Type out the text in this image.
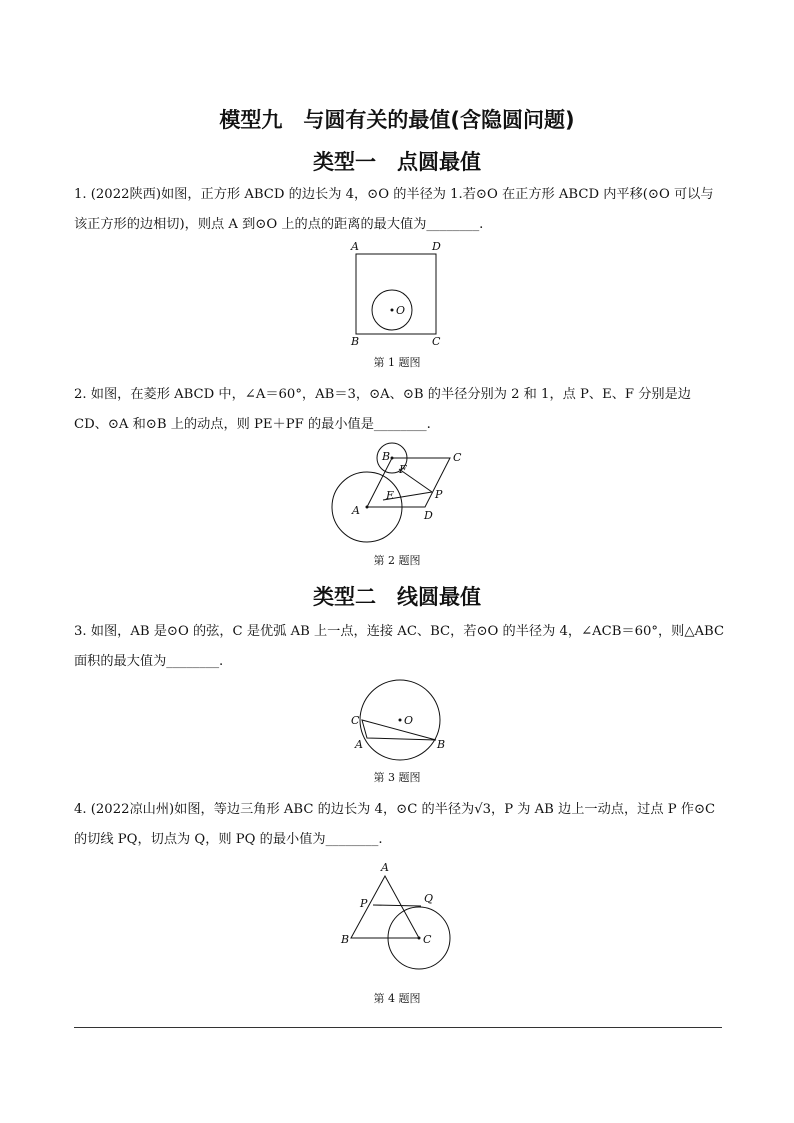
模型九　与圆有关的最值(含隐圆问题)
类型一　点圆最值
1. (2022陕西)如图，正方形 ABCD 的边长为 4，⊙O 的半径为 1.若⊙O 在正方形 ABCD 内平移(⊙O 可以与该正方形的边相切)，则点 A 到⊙O 上的点的距离的最大值为________.
A	D
B	C
O
第 1 题图
2. 如图，在菱形 ABCD 中，∠A＝60°，AB＝3，⊙A、⊙B 的半径分别为 2 和 1，点 P、E、F 分别是边 CD、⊙A 和⊙B 上的动点，则 PE＋PF 的最小值是________.
A
B	C
D
E
F
P
第 2 题图
类型二　线圆最值
3. 如图，AB 是⊙O 的弦，C 是优弧 AB 上一点，连接 AC、BC，若⊙O 的半径为 4，∠ACB＝60°，则△ABC 面积的最大值为________.
C
A	B
O
第 3 题图
4. (2022凉山州)如图，等边三角形 ABC 的边长为 4，⊙C 的半径为√3，P 为 AB 边上一动点，过点 P 作⊙C 的切线 PQ，切点为 Q，则 PQ 的最小值为________.
A
B	C
P	Q
第 4 题图
